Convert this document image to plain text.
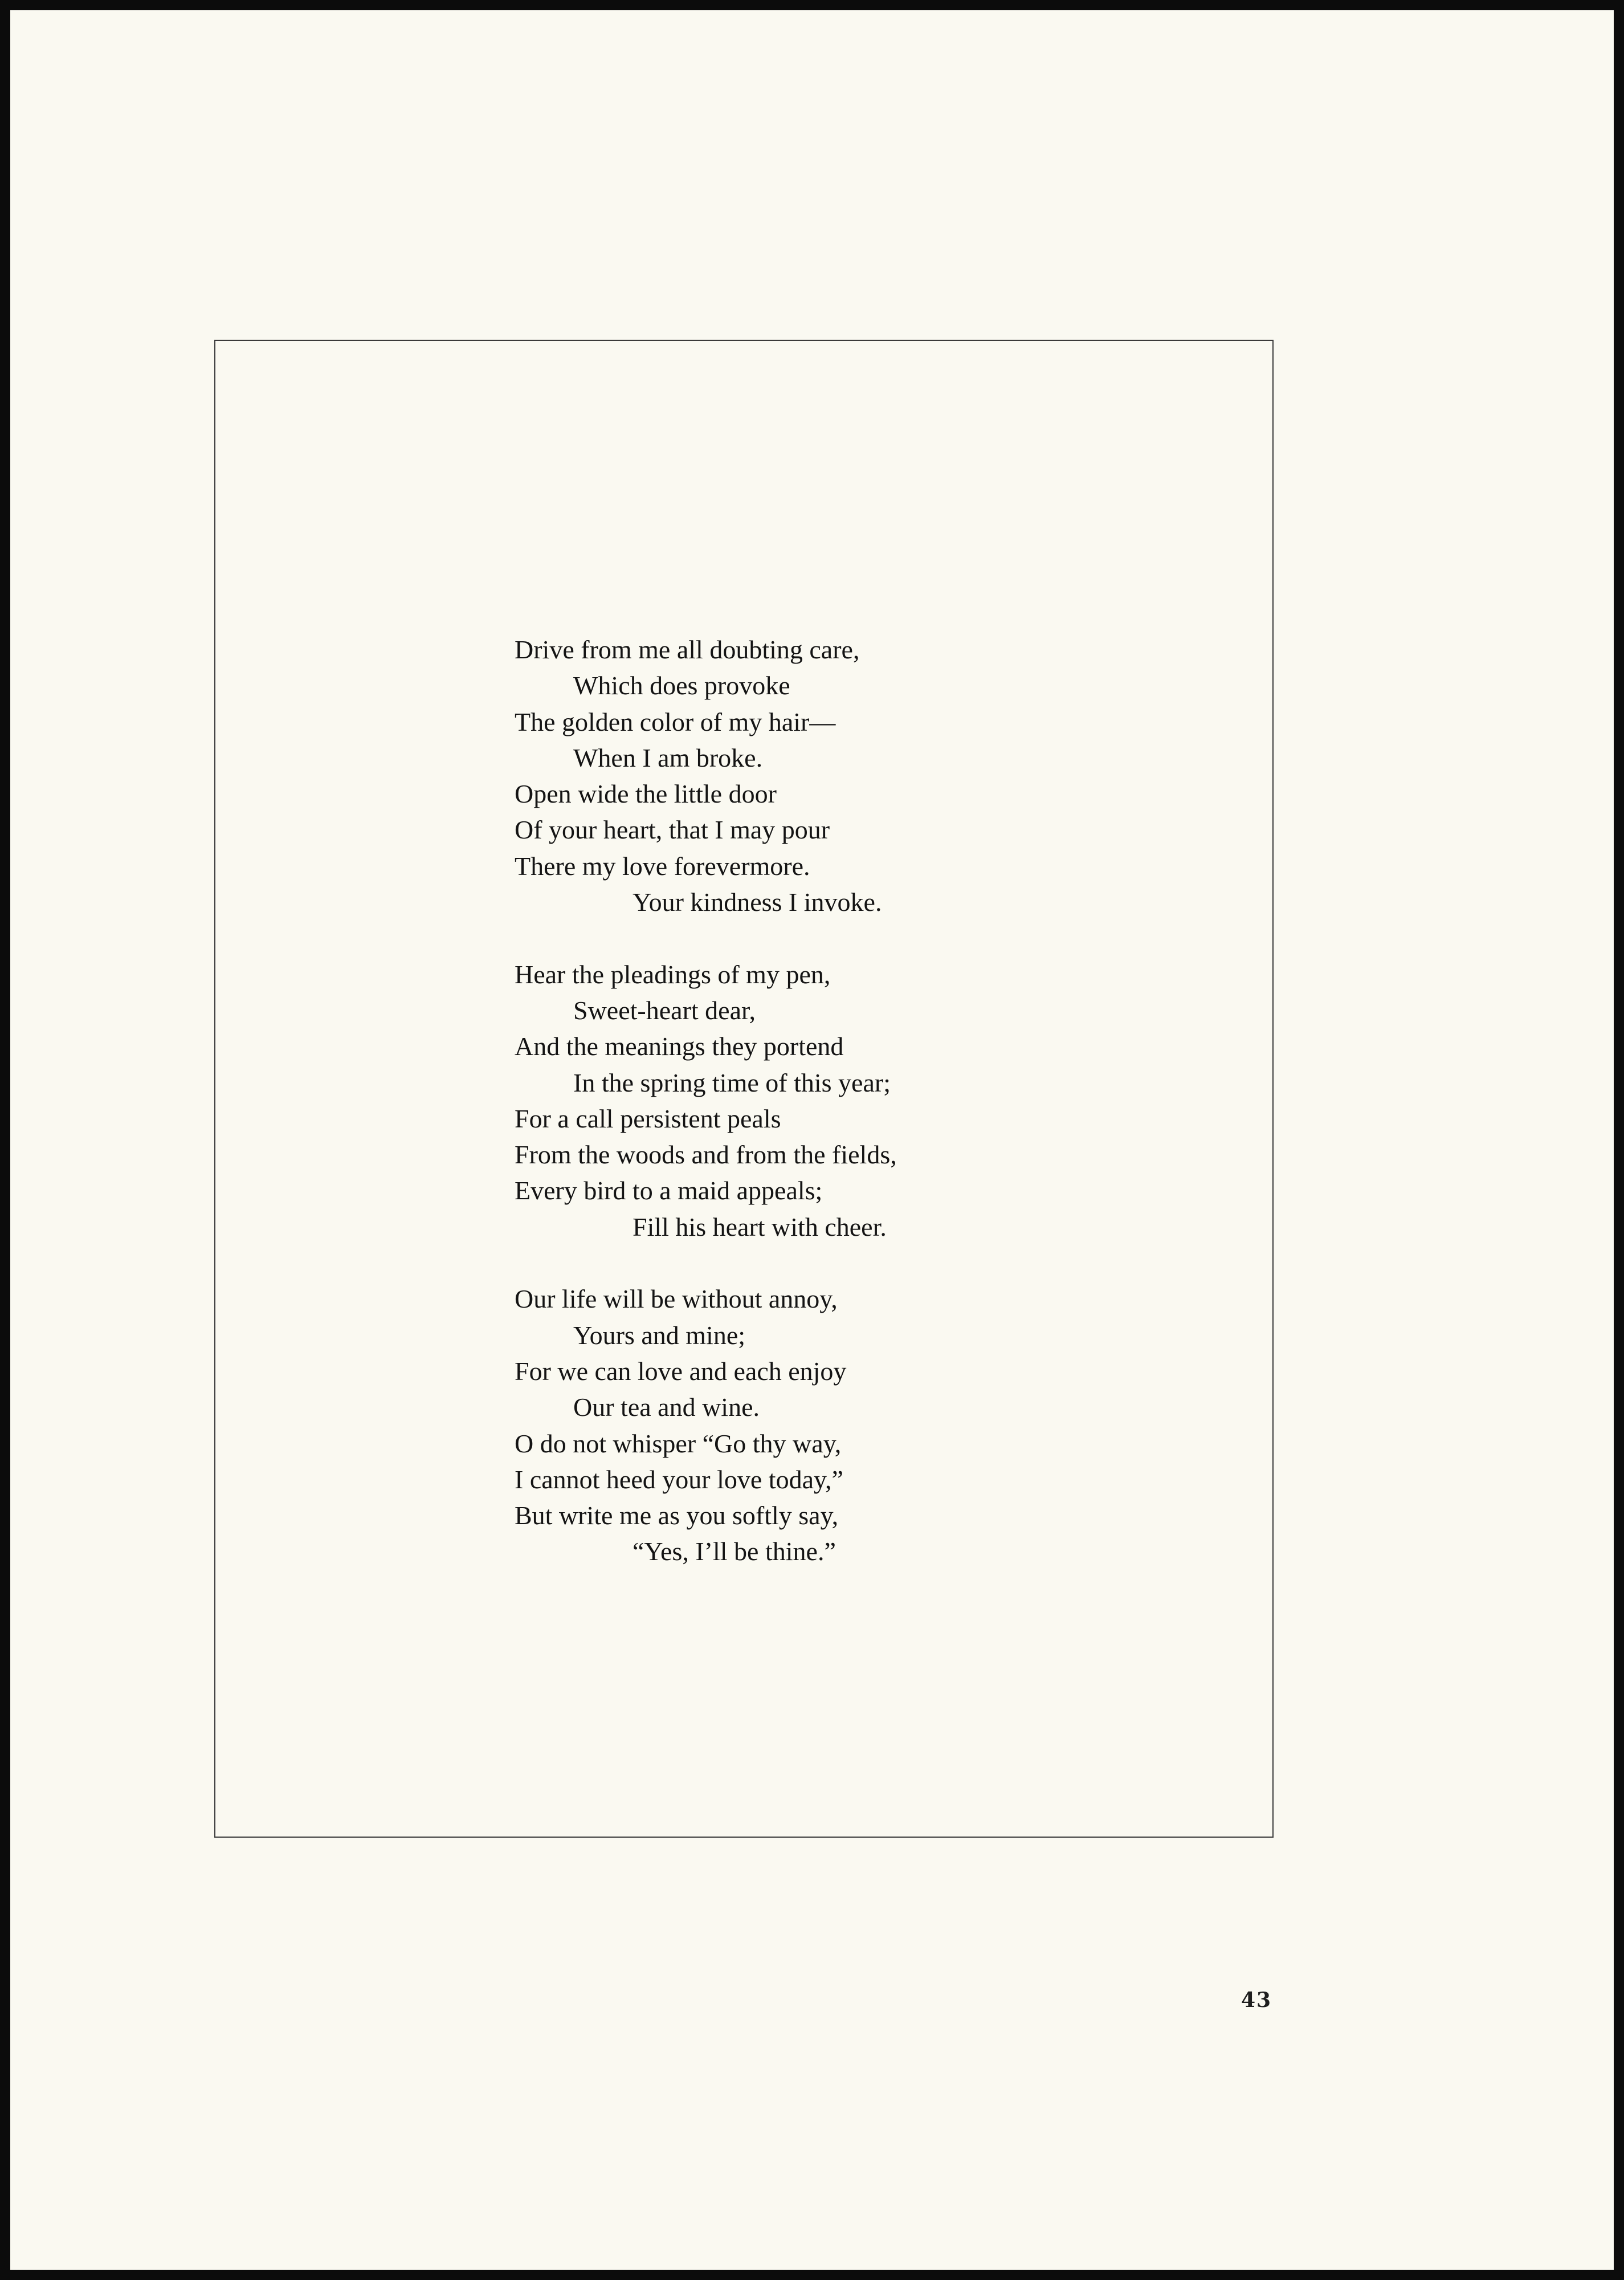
Drive from me all doubting care,
Which does provoke
The golden color of my hair—
When I am broke.
Open wide the little door
Of your heart, that I may pour
There my love forevermore.
Your kindness I invoke.
Hear the pleadings of my pen,
Sweet-heart dear,
And the meanings they portend
In the spring time of this year;
For a call persistent peals
From the woods and from the fields,
Every bird to a maid appeals;
Fill his heart with cheer.
Our life will be without annoy,
Yours and mine;
For we can love and each enjoy
Our tea and wine.
O do not whisper “Go thy way,
I cannot heed your love today,”
But write me as you softly say,
“Yes, I’ll be thine.”
43
